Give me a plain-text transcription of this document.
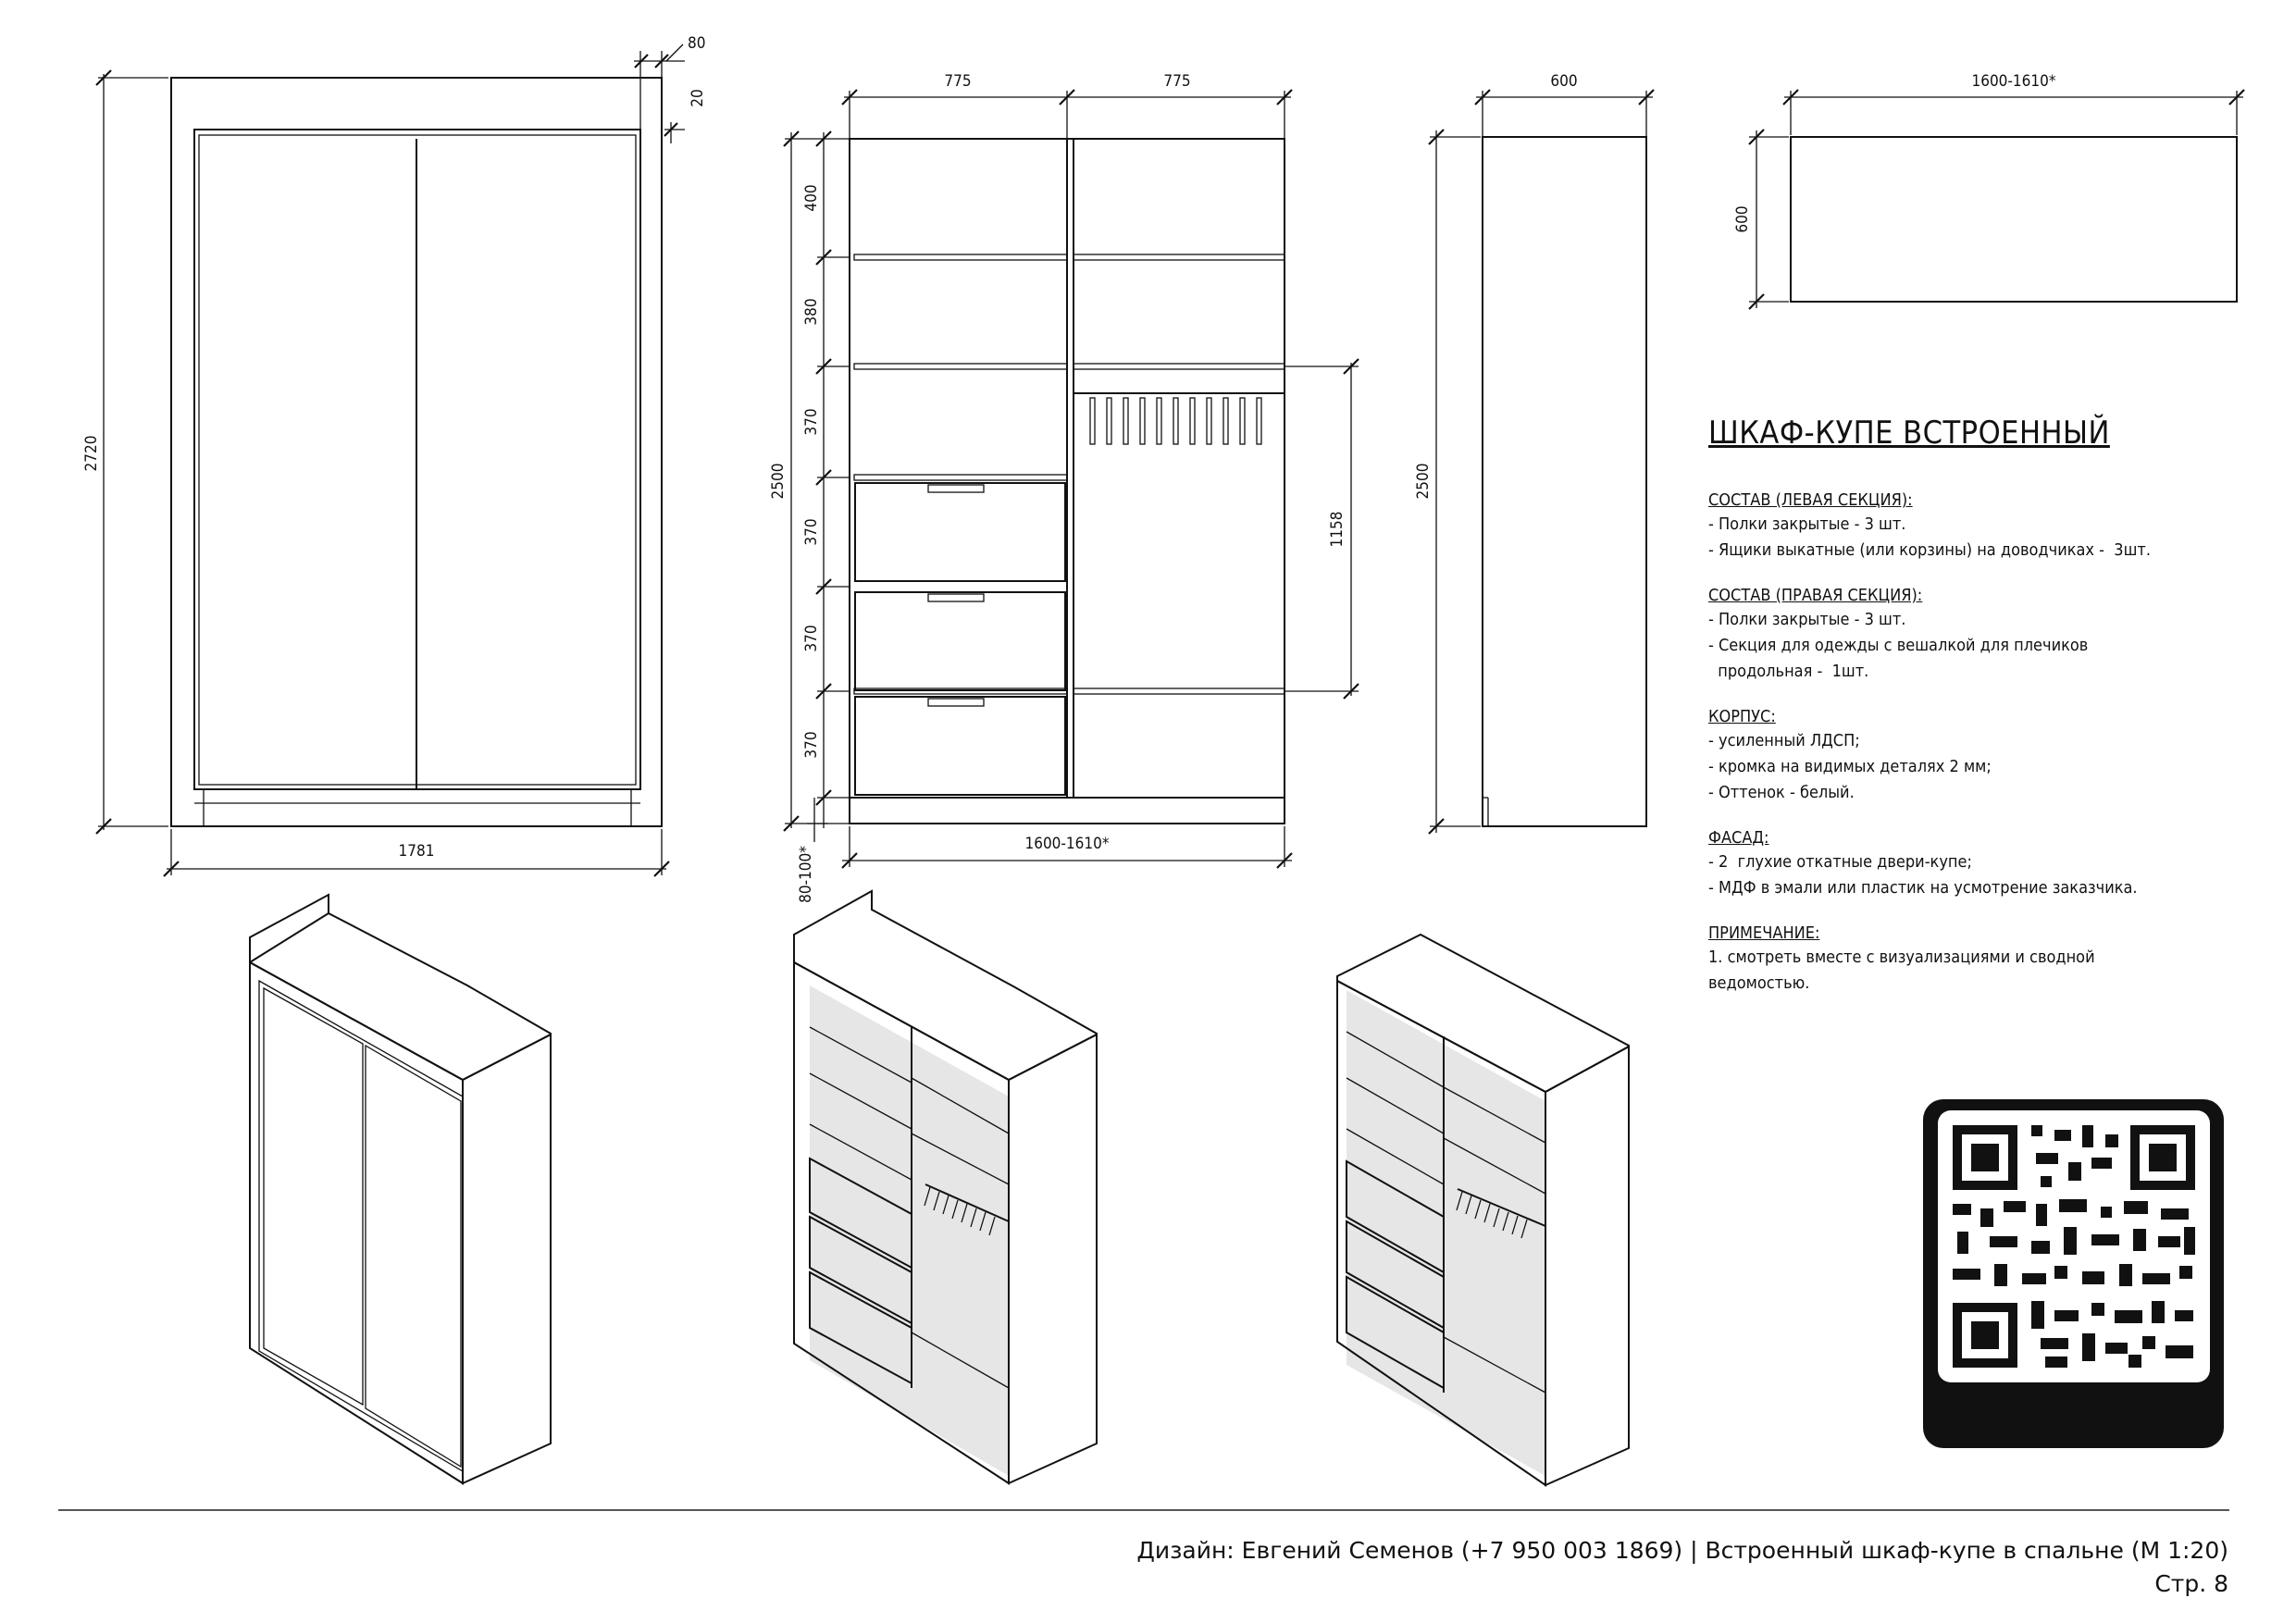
2720
1781
80
20
775	775
400
380
370
370
370
370
2500
80-100*
1600-1610*
1158
600
2500
1600-1610*
600
ШКАФ-КУПЕ ВСТРОЕННЫЙ
СОСТАВ (ЛЕВАЯ СЕКЦИЯ):
- Полки закрытые - 3 шт.
- Ящики выкатные (или корзины) на доводчиках -  3шт.
СОСТАВ (ПРАВАЯ СЕКЦИЯ):
- Полки закрытые - 3 шт.
- Секция для одежды с вешалкой для плечиков
продольная -  1шт.
КОРПУС:
- усиленный ЛДСП;
- кромка на видимых деталях 2 мм;
- Оттенок - белый.
ФАСАД:
- 2  глухие откатные двери-купе;
- МДФ в эмали или пластик на усмотрение заказчика.
ПРИМЕЧАНИЕ:
1. смотреть вместе с визуализациями и сводной
ведомостью.
Дизайн: Евгений Семенов (+7 950 003 1869) | Встроенный шкаф-купе в спальне (М 1:20)
Стр. 8
